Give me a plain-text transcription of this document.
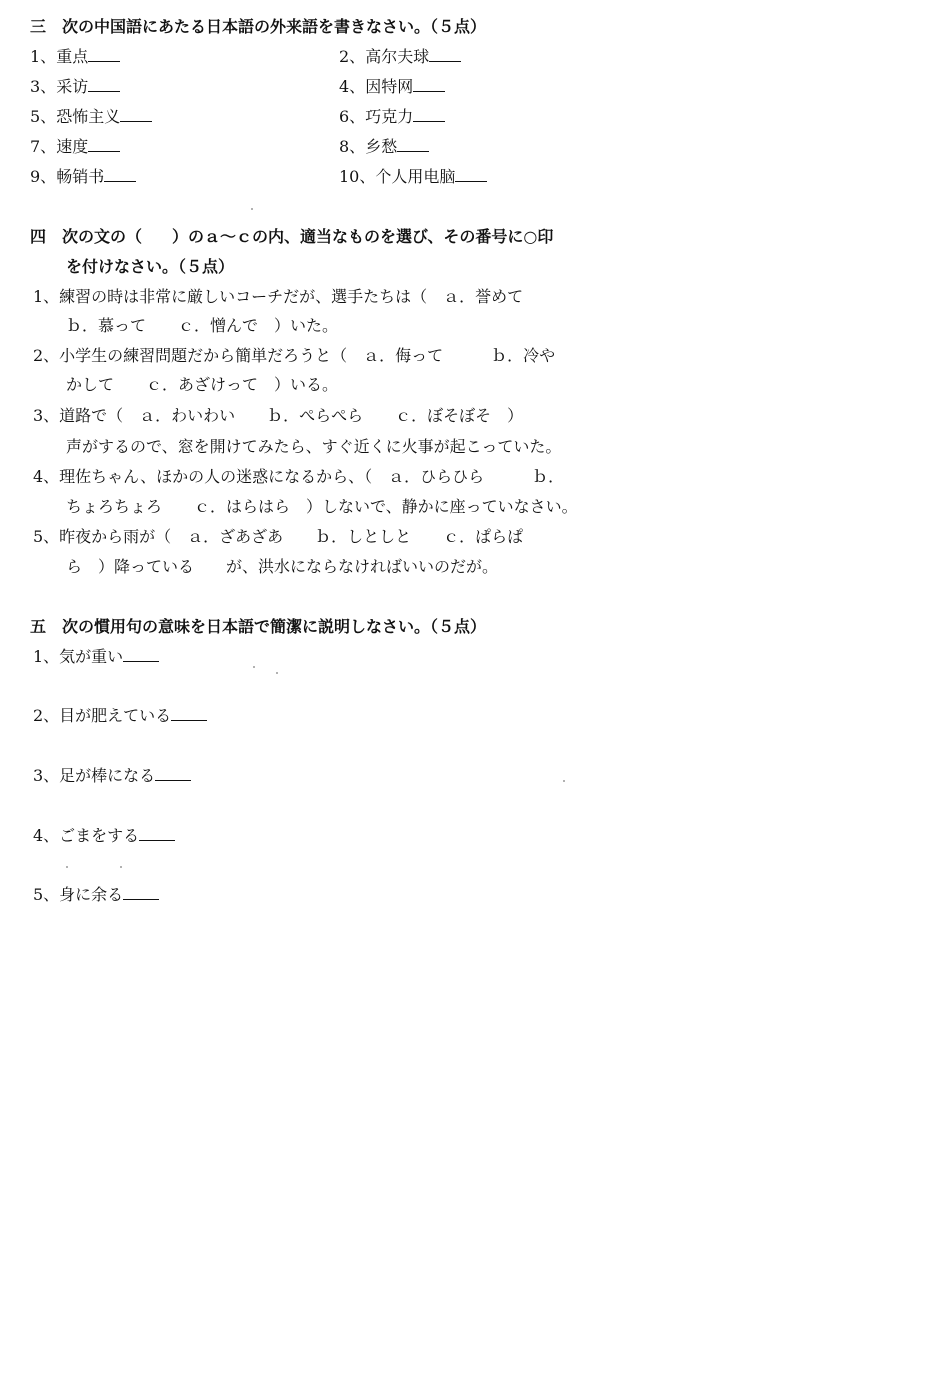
三　次の中国語にあたる日本語の外来語を書きなさい。（５点）
1、重点	2、高尔夫球
3、采访	4、因特网
5、恐怖主义	6、巧克力
7、速度	8、乡愁
9、畅销书	10、个人用电脑
四　次の文の（ ）のａ～ｃの内、適当なものを選び、その番号に○印
を付けなさい。（５点）
1、練習の時は非常に厳しいコーチだが、選手たちは（　ａ．誉めて
ｂ．慕って　　ｃ．憎んで　）いた。
2、小学生の練習問題だから簡単だろうと（　ａ．侮って　　　ｂ．冷や
かして　　ｃ．あざけって　）いる。
3、道路で（　ａ．わいわい　　ｂ．ぺらぺら　　ｃ．ぼそぼそ　）
声がするので、窓を開けてみたら、すぐ近くに火事が起こっていた。
4、理佐ちゃん、ほかの人の迷惑になるから、（　ａ．ひらひら　　　ｂ．
ちょろちょろ　　ｃ．はらはら　）しないで、静かに座っていなさい。
5、昨夜から雨が（　ａ．ざあざあ　　ｂ．しとしと　　ｃ．ぱらぱ
ら　）降っている　　が、洪水にならなければいいのだが。
五　次の慣用句の意味を日本語で簡潔に説明しなさい。（５点）
1、気が重い
2、目が肥えている
3、足が棒になる
4、ごまをする
5、身に余る
